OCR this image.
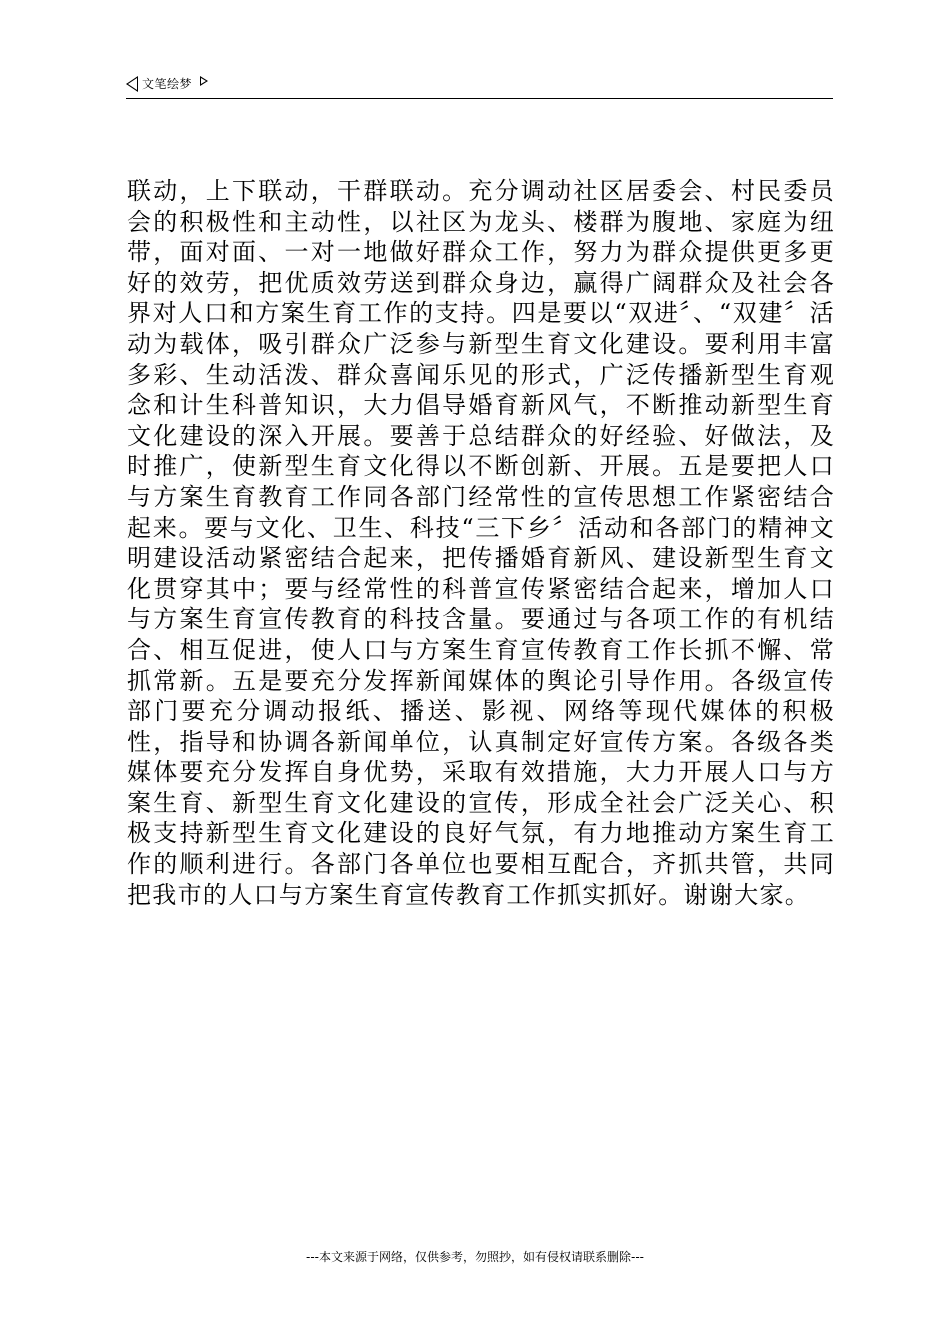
文笔绘梦

联动，上下联动，干群联动。充分调动社区居委会、村民委员会的积极性和主动性，以社区为龙头、楼群为腹地、家庭为纽带，面对面、一对一地做好群众工作，努力为群众提供更多更好的效劳，把优质效劳送到群众身边，赢得广阔群众及社会各界对人口和方案生育工作的支持。四是要以“双进〞、“双建〞活动为载体，吸引群众广泛参与新型生育文化建设。要利用丰富多彩、生动活泼、群众喜闻乐见的形式，广泛传播新型生育观念和计生科普知识，大力倡导婚育新风气，不断推动新型生育文化建设的深入开展。要善于总结群众的好经验、好做法，及时推广，使新型生育文化得以不断创新、开展。五是要把人口与方案生育教育工作同各部门经常性的宣传思想工作紧密结合起来。要与文化、卫生、科技“三下乡〞活动和各部门的精神文明建设活动紧密结合起来，把传播婚育新风、建设新型生育文化贯穿其中；要与经常性的科普宣传紧密结合起来，增加人口与方案生育宣传教育的科技含量。要通过与各项工作的有机结合、相互促进，使人口与方案生育宣传教育工作长抓不懈、常抓常新。五是要充分发挥新闻媒体的舆论引导作用。各级宣传部门要充分调动报纸、播送、影视、网络等现代媒体的积极性，指导和协调各新闻单位，认真制定好宣传方案。各级各类媒体要充分发挥自身优势，采取有效措施，大力开展人口与方案生育、新型生育文化建设的宣传，形成全社会广泛关心、积极支持新型生育文化建设的良好气氛，有力地推动方案生育工作的顺利进行。各部门各单位也要相互配合，齐抓共管，共同把我市的人口与方案生育宣传教育工作抓实抓好。谢谢大家。

---本文来源于网络，仅供参考，勿照抄，如有侵权请联系删除---
